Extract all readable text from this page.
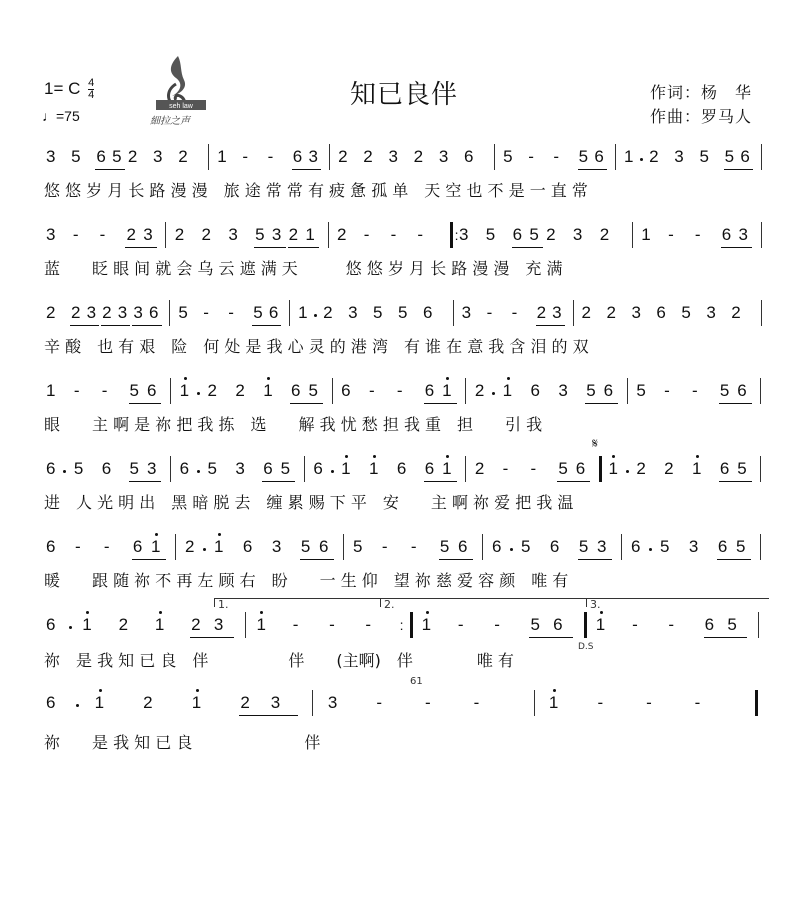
知已良伴
1= C $\frac{4}{4}$
♩=75
作词：杨　华
作曲：罗马人
seh law
細拉之声
3 5 6 5 2 3 2 1 - - 6 3 2 2 3 2 3 6 5 - - 5 6 1 2 3 5 5 6
悠 悠 岁 月 长 路 漫 漫　旅 途 常 常 有 疲 惫 孤 单　天 空 也 不 是 一 直 常
3 - - 2 3 2 2 3 5 3 2 1 2 - - - : 3 5 6 5 2 3 2 1 - - 6 3
蓝　　眨 眼 间 就 会 乌 云 遮 满 天　　　悠 悠 岁 月 长 路 漫 漫　充 满
2 2 3 2 3 3 6 5 - - 5 6 1 2 3 5 5 6 3 - - 2 3 2 2 3 6 5 3 2
辛 酸　也 有 艰　险　何 处 是 我 心 灵 的 港 湾　有 谁 在 意 我 含 泪 的 双
1 - - 5 6 1 2 2 1 6 5 6 - - 6 1 2 1 6 3 5 6 5 - - 5 6
眼　　主 啊 是 祢 把 我 拣　选　　解 我 忧 愁 担 我 重　担　　引 我
6 5 6 5 3 6 5 3 6 5 6 1 1 6 6 1 2 - - 5 6 1 2 2 1 6 5
进　人 光 明 出　黑 暗 脱 去　缠 累 赐 下 平　安　　主 啊 祢 爱 把 我 温
6 - - 6 1 2 1 6 3 5 6 5 - - 5 6 6 5 6 5 3 6 5 3 6 5
暖　　跟 随 祢 不 再 左 顾 右　盼　　一 生 仰　望 祢 慈 爱 容 颜　唯 有
6 1 2 1 2 3 1 - - - : 1 - - 5 6 1 - - 6 5
祢　是 我 知 已 良　伴　　　　　伴　　(主啊)　伴　　　　唯 有
6 1 2 1 2 3	3 -	-	-	1 -	-	-
祢　　是 我 知 已 良　　　　　　　伴
𝄋
1.	2.	3.
D.S
61
